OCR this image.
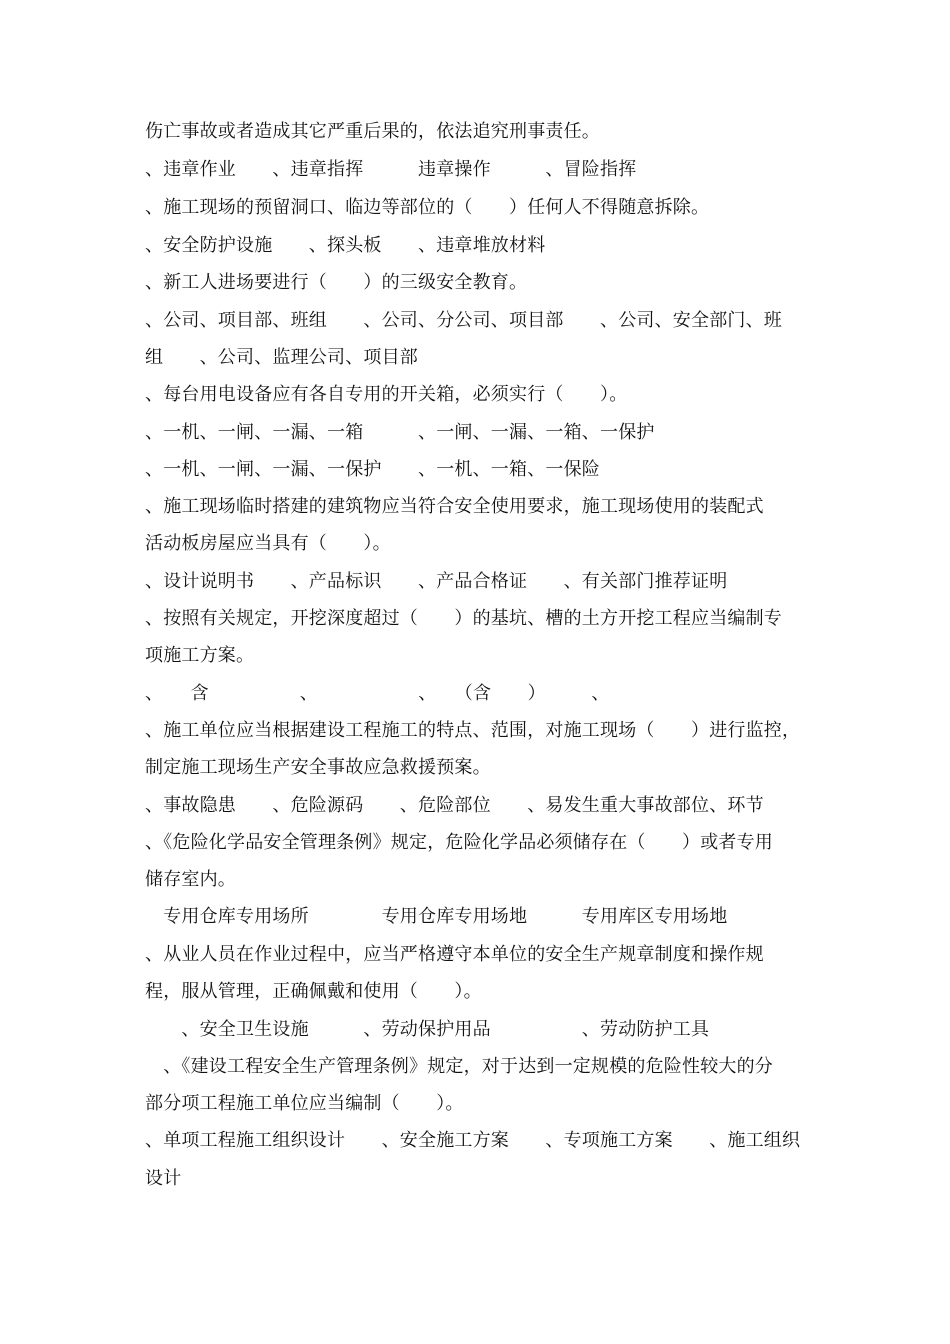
伤亡事故或者造成其它严重后果的，依法追究刑事责任。
、违章作业　　、违章指挥　　　违章操作　　　、冒险指挥
、施工现场的预留洞口、临边等部位的（　　）任何人不得随意拆除。
、安全防护设施　　、探头板　　、违章堆放材料
、新工人进场要进行（　　）的三级安全教育。
、公司、项目部、班组　　、公司、分公司、项目部　　、公司、安全部门、班
组　　、公司、监理公司、项目部
、每台用电设备应有各自专用的开关箱，必须实行（　　）。
、一机、一闸、一漏、一箱　　　、一闸、一漏、一箱、一保护
、一机、一闸、一漏、一保护　　、一机、一箱、一保险
、施工现场临时搭建的建筑物应当符合安全使用要求，施工现场使用的装配式
活动板房屋应当具有（　　）。
、设计说明书　　、产品标识　　、产品合格证　　、有关部门推荐证明
、按照有关规定，开挖深度超过（　　）的基坑、槽的土方开挖工程应当编制专
项施工方案。
、　　含　　　　　、　　　　　　、　　（含　　）　　　、
、施工单位应当根据建设工程施工的特点、范围，对施工现场（　　）进行监控，
制定施工现场生产安全事故应急救援预案。
、事故隐患　　、危险源码　　、危险部位　　、易发生重大事故部位、环节
、《危险化学品安全管理条例》规定，危险化学品必须储存在（　　）或者专用
储存室内。
　专用仓库专用场所　　　　专用仓库专用场地　　　专用库区专用场地
、从业人员在作业过程中，应当严格遵守本单位的安全生产规章制度和操作规
程，服从管理，正确佩戴和使用（　　）。
　　、安全卫生设施　　　、劳动保护用品　　　　　、劳动防护工具
　、《建设工程安全生产管理条例》规定，对于达到一定规模的危险性较大的分
部分项工程施工单位应当编制（　　）。
、单项工程施工组织设计　　、安全施工方案　　、专项施工方案　　、施工组织
设计
